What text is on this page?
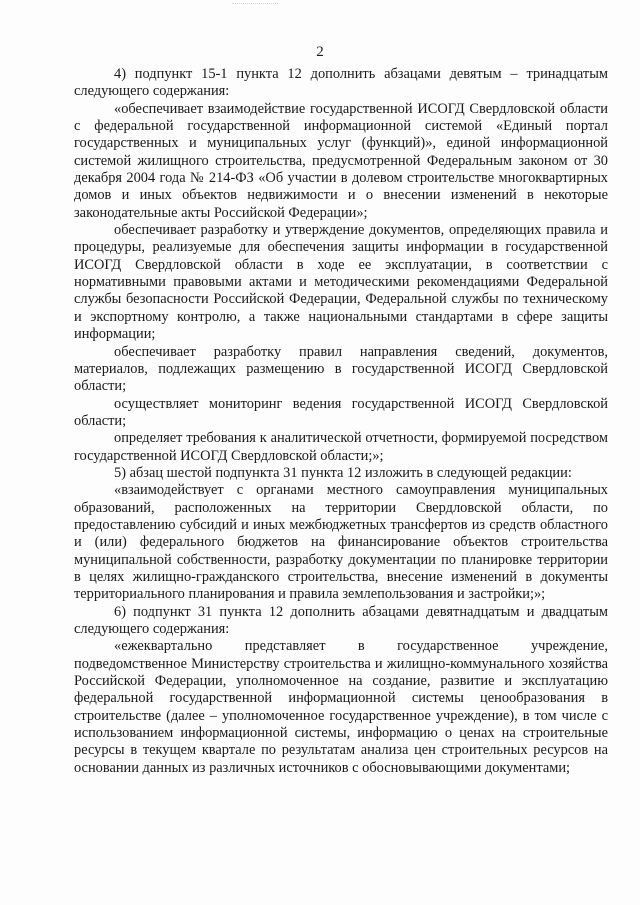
2

4) подпункт 15-1 пункта 12 дополнить абзацами девятым – тринадцатым следующего содержания:

«обеспечивает взаимодействие государственной ИСОГД Свердловской области с федеральной государственной информационной системой «Единый портал государственных и муниципальных услуг (функций)», единой информационной системой жилищного строительства, предусмотренной Федеральным законом от 30 декабря 2004 года № 214-ФЗ «Об участии в долевом строительстве многоквартирных домов и иных объектов недвижимости и о внесении изменений в некоторые законодательные акты Российской Федерации»;

обеспечивает разработку и утверждение документов, определяющих правила и процедуры, реализуемые для обеспечения защиты информации в государственной ИСОГД Свердловской области в ходе ее эксплуатации, в соответствии с нормативными правовыми актами и методическими рекомендациями Федеральной службы безопасности Российской Федерации, Федеральной службы по техническому и экспортному контролю, а также национальными стандартами в сфере защиты информации;

обеспечивает разработку правил направления сведений, документов, материалов, подлежащих размещению в государственной ИСОГД Свердловской области;

осуществляет мониторинг ведения государственной ИСОГД Свердловской области;

определяет требования к аналитической отчетности, формируемой посредством государственной ИСОГД Свердловской области;»;

5) абзац шестой подпункта 31 пункта 12 изложить в следующей редакции:

«взаимодействует с органами местного самоуправления муниципальных образований, расположенных на территории Свердловской области, по предоставлению субсидий и иных межбюджетных трансфертов из средств областного и (или) федерального бюджетов на финансирование объектов строительства муниципальной собственности, разработку документации по планировке территории в целях жилищно-гражданского строительства, внесение изменений в документы территориального планирования и правила землепользования и застройки;»;

6) подпункт 31 пункта 12 дополнить абзацами девятнадцатым и двадцатым следующего содержания:

«ежеквартально представляет в государственное учреждение, подведомственное Министерству строительства и жилищно-коммунального хозяйства Российской Федерации, уполномоченное на создание, развитие и эксплуатацию федеральной государственной информационной системы ценообразования в строительстве (далее – уполномоченное государственное учреждение), в том числе с использованием информационной системы, информацию о ценах на строительные ресурсы в текущем квартале по результатам анализа цен строительных ресурсов на основании данных из различных источников с обосновывающими документами;
